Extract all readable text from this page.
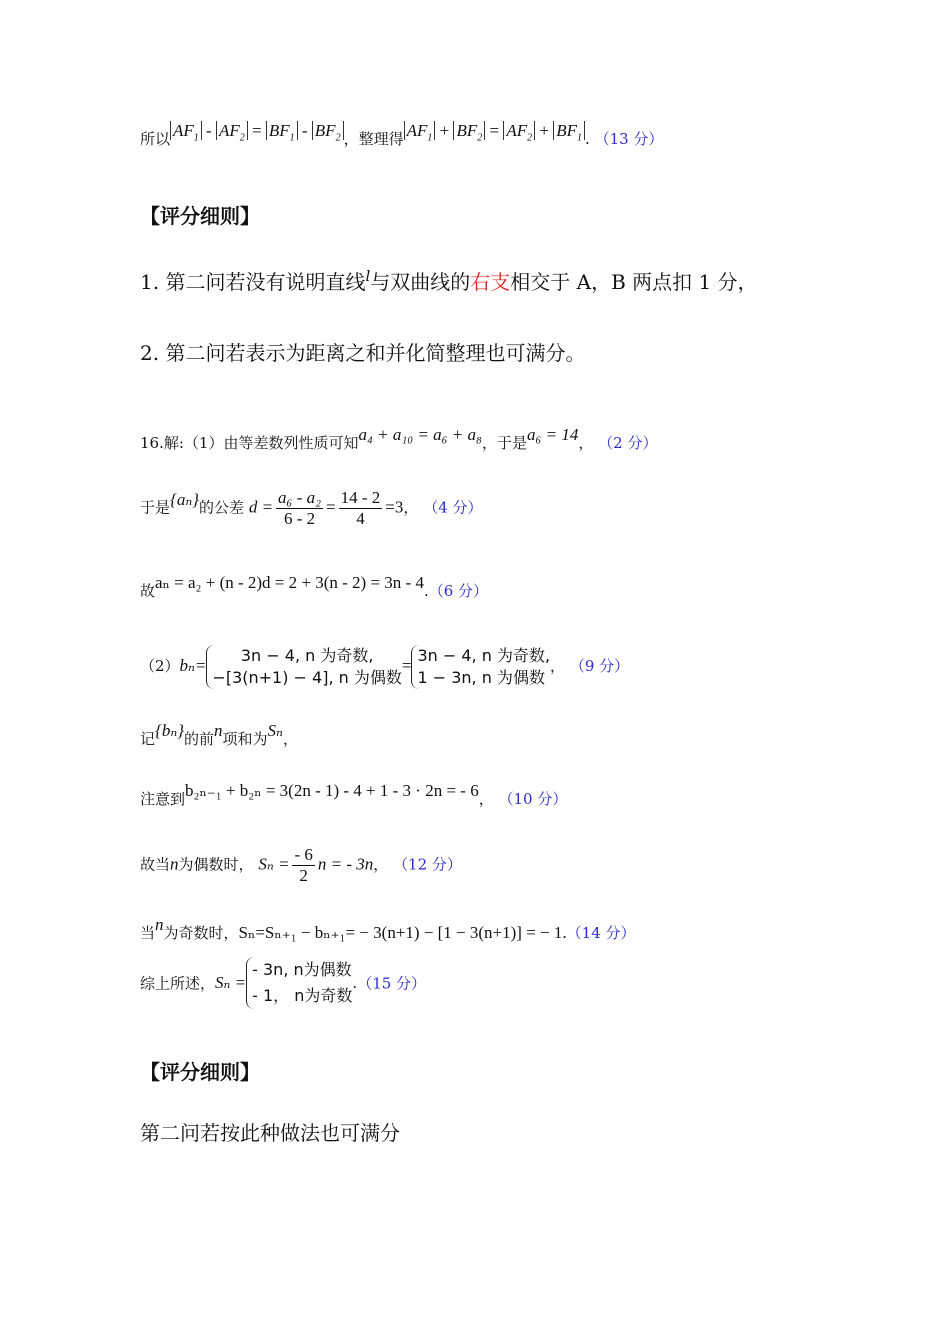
所以 $AF_1 - AF_2 = BF_1 - BF_2$ ，整理得 $AF_1 + BF_2 = AF_2 + BF_1$ . （13 分）
【评分细则】
1. 第二问若没有说明直线$^l$与双曲线的右支相交于 A，B 两点扣 1 分，
2. 第二问若表示为距离之和并化简整理也可满分。
16.解:（1）由等差数列性质可知a₄ + a₁₀ = a₆ + a₈，于是a₆ = 14， （2 分）
于是{aₙ}的公差 $d = \frac{\text{a₆ - a₂}}{6 - 2} = \frac{14 - 2}{4} =3$， （4 分）
故aₙ = a₂ + (n - 2)d = 2 + 3(n - 2) = 3n - 4.（6 分）
（2）bₙ=
3n − 4, n 为奇数,
−[3(n+1) − 4], n 为偶数
=
3n − 4, n 为奇数,
1 − 3n, n 为偶数
， （9 分）
记{bₙ}的前n项和为Sₙ，
注意到b₂ₙ₋₁ + b₂ₙ = 3(2n - 1) - 4 + 1 - 3 · 2n = - 6， （10 分）
故当n为偶数时， $S_n = \frac{- 6}{2}$ n = - 3n， （12 分）
当n为奇数时，Sₙ=Sₙ₊₁ − bₙ₊₁= − 3(n+1) − [1 − 3(n+1)] = − 1.（14 分）
综上所述，Sₙ =
- 3n, n为偶数
- 1， n为奇数
.（15 分）
【评分细则】
第二问若按此种做法也可满分
